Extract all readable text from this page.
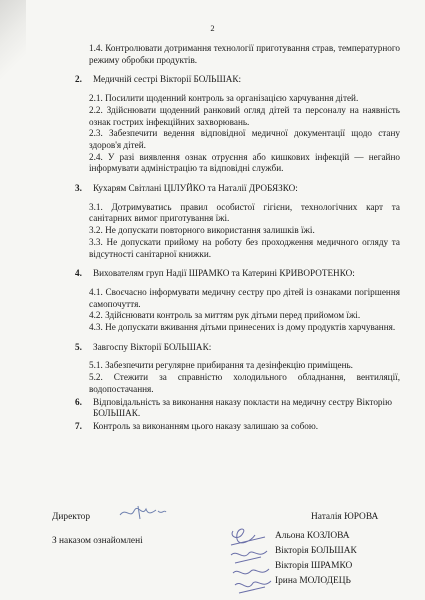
2
1.4. Контролювати дотримання технології приготування страв, температурного режиму обробки продуктів.
2.	Медичній сестрі Вікторії БОЛЬШАК:

2.1. Посилити щоденний контроль за організацією харчування дітей.

2.2. Здійснювати щоденний ранковий огляд дітей та персоналу на наявність ознак гострих інфекційних захворювань.

2.3. Забезпечити ведення відповідної медичної документації щодо стану здоров'я дітей.

2.4. У разі виявлення ознак отруєння або кишкових інфекцій — негайно інформувати адміністрацію та відповідні служби.

3.	Кухарям Світлані ЦІЛУЙКО та Наталії ДРОБЯЗКО:

3.1. Дотримуватись правил особистої гігієни, технологічних карт та санітарних вимог приготування їжі.

3.2. Не допускати повторного використання залишків їжі.

3.3. Не допускати прийому на роботу без проходження медичного огляду та відсутності санітарної книжки.

4.	Вихователям груп Надії ШРАМКО та Катерині КРИВОРОТЕНКО:

4.1. Своєчасно інформувати медичну сестру про дітей із ознаками погіршення самопочуття.

4.2. Здійснювати контроль за миттям рук дітьми перед прийомом їжі.

4.3. Не допускати вживання дітьми принесених із дому продуктів харчування.

5.	Завгоспу Вікторії БОЛЬШАК:

5.1. Забезпечити регулярне прибирання та дезінфекцію приміщень.

5.2. Стежити за справністю холодильного обладнання, вентиляції, водопостачання.

6.	Відповідальність за виконання наказу покласти на медичну сестру Вікторію БОЛЬШАК.
7.	Контроль за виконанням цього наказу залишаю за собою.
Директор	Наталія ЮРОВА
З наказом ознайомлені	Альона КОЗЛОВА
Вікторія БОЛЬШАК
Вікторія ШРАМКО
Ірина МОЛОДЕЦЬ
